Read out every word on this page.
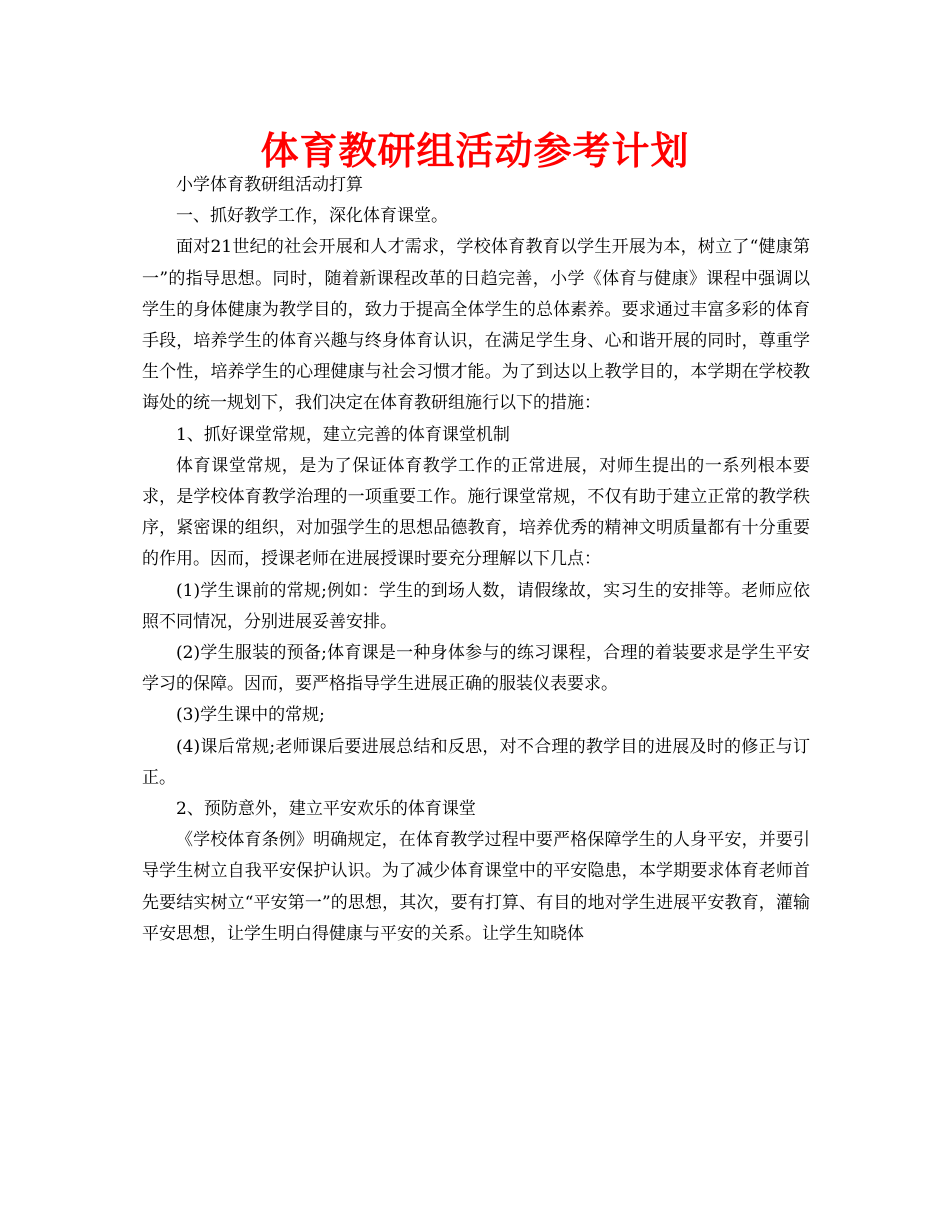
体育教研组活动参考计划

小学体育教研组活动打算

一、抓好教学工作，深化体育课堂。

面对21世纪的社会开展和人才需求，学校体育教育以学生开展为本，树立了“健康第一”的指导思想。同时，随着新课程改革的日趋完善，小学《体育与健康》课程中强调以学生的身体健康为教学目的，致力于提高全体学生的总体素养。要求通过丰富多彩的体育手段，培养学生的体育兴趣与终身体育认识，在满足学生身、心和谐开展的同时，尊重学生个性，培养学生的心理健康与社会习惯才能。为了到达以上教学目的，本学期在学校教诲处的统一规划下，我们决定在体育教研组施行以下的措施：

1、抓好课堂常规，建立完善的体育课堂机制

体育课堂常规，是为了保证体育教学工作的正常进展，对师生提出的一系列根本要求，是学校体育教学治理的一项重要工作。施行课堂常规，不仅有助于建立正常的教学秩序，紧密课的组织，对加强学生的思想品德教育，培养优秀的精神文明质量都有十分重要的作用。因而，授课老师在进展授课时要充分理解以下几点：

(1)学生课前的常规;例如：学生的到场人数，请假缘故，实习生的安排等。老师应依照不同情况，分别进展妥善安排。

(2)学生服装的预备;体育课是一种身体参与的练习课程，合理的着装要求是学生平安学习的保障。因而，要严格指导学生进展正确的服装仪表要求。

(3)学生课中的常规;

(4)课后常规;老师课后要进展总结和反思，对不合理的教学目的进展及时的修正与订正。

2、预防意外，建立平安欢乐的体育课堂

《学校体育条例》明确规定，在体育教学过程中要严格保障学生的人身平安，并要引导学生树立自我平安保护认识。为了减少体育课堂中的平安隐患，本学期要求体育老师首先要结实树立“平安第一”的思想，其次，要有打算、有目的地对学生进展平安教育，灌输平安思想，让学生明白得健康与平安的关系。让学生知晓体
